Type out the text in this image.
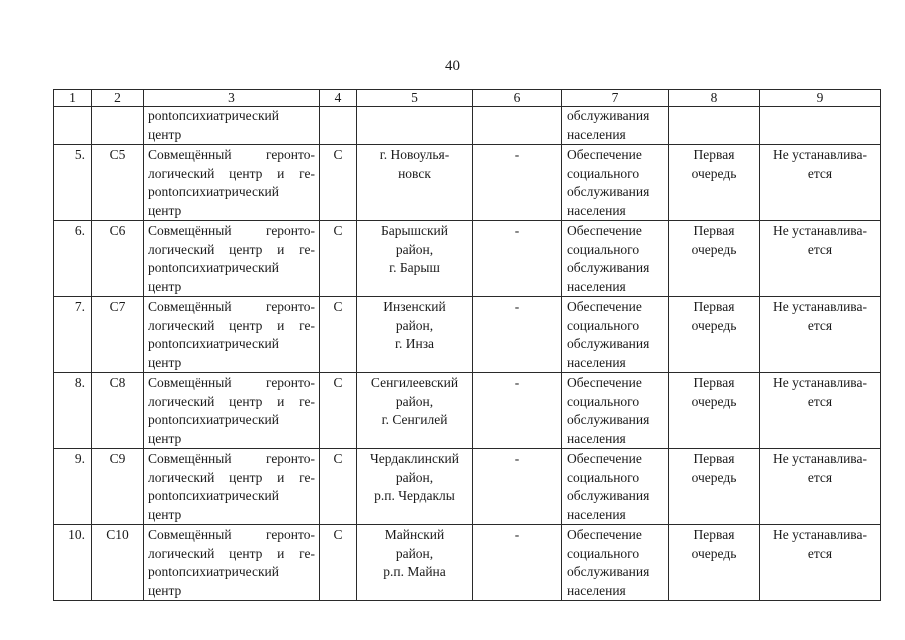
40
1	2	3	4	5	6	7	8	9

		рontoпсихиатрический
центр				обслуживания
населения		

5.	С5	Совмещённый геронто-
логический центр и ге-
рontoпсихиатрический
центр	С	г. Новоулья-
новск	-	Обеспечение
социального
обслуживания
населения	Первая
очередь	Не устанавлива-
ется

6.	С6	Совмещённый геронто-
логический центр и ге-
рontoпсихиатрический
центр	С	Барышский
район,
г. Барыш	-	Обеспечение
социального
обслуживания
населения	Первая
очередь	Не устанавлива-
ется

7.	С7	Совмещённый геронто-
логический центр и ге-
рontoпсихиатрический
центр	С	Инзенский
район,
г. Инза	-	Обеспечение
социального
обслуживания
населения	Первая
очередь	Не устанавлива-
ется

8.	С8	Совмещённый геронто-
логический центр и ге-
рontoпсихиатрический
центр	С	Сенгилеевский
район,
г. Сенгилей	-	Обеспечение
социального
обслуживания
населения	Первая
очередь	Не устанавлива-
ется

9.	С9	Совмещённый геронто-
логический центр и ге-
рontoпсихиатрический
центр	С	Чердаклинский
район,
р.п. Чердаклы	-	Обеспечение
социального
обслуживания
населения	Первая
очередь	Не устанавлива-
ется

10.	С10	Совмещённый геронто-
логический центр и ге-
рontoпсихиатрический
центр	С	Майнский
район,
р.п. Майна	-	Обеспечение
социального
обслуживания
населения	Первая
очередь	Не устанавлива-
ется
